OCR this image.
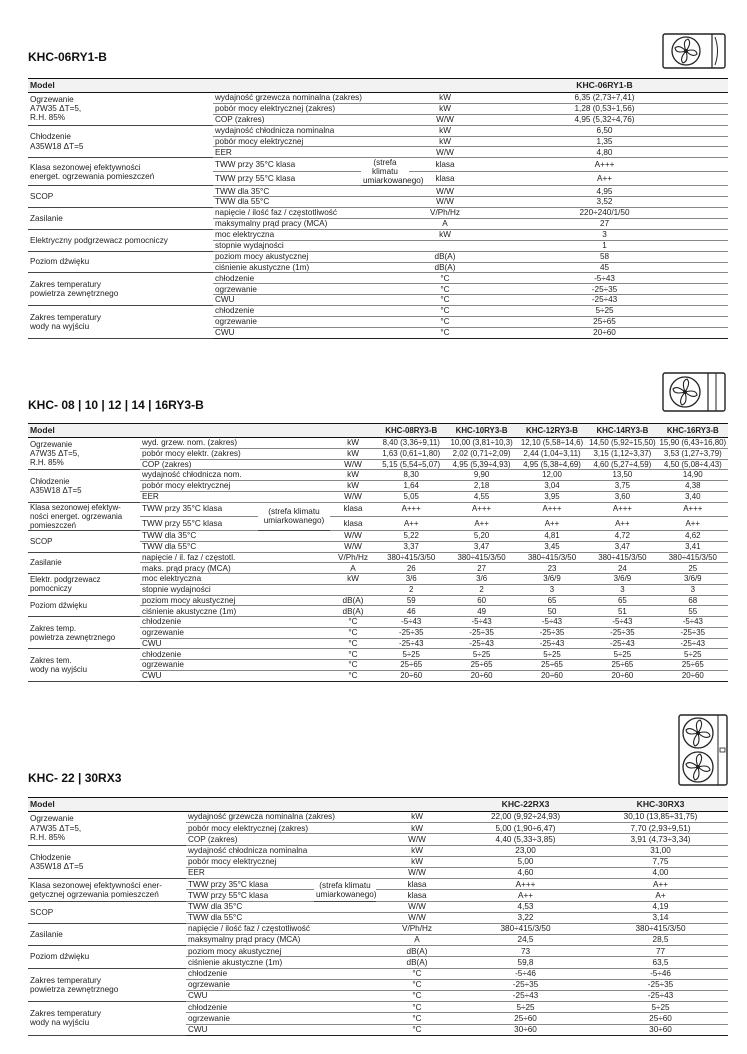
KHC-06RY1-B
Model				KHC-06RY1-B
Ogrzewanie
A7W35 ΔT=5,
R.H. 85%	wydajność grzewcza nominalna (zakres)		kW	6,35 (2,73÷7,41)
	pobór mocy elektrycznej (zakres)		kW	1,28 (0,53÷1,56)
	COP (zakres)		W/W	4,95 (5,32÷4,76)
Chłodzenie
A35W18 ΔT=5	wydajność chłodnicza nominalna		kW	6,50
	pobór mocy elektrycznej		kW	1,35
	EER		W/W	4,80
Klasa sezonowej efektywności
energet. ogrzewania pomieszczeń	TWW przy 35°C klasa	(strefa klimatu
umiarkowanego)	klasa	A+++
	TWW przy 55°C klasa		klasa	A++
SCOP	TWW dla 35°C		W/W	4,95
	TWW dla 55°C		W/W	3,52
Zasilanie	napięcie / ilość faz / częstotliwość		V/Ph/Hz	220÷240/1/50
	maksymalny prąd pracy (MCA)		A	27
Elektryczny podgrzewacz pomocniczy	moc elektryczna		kW	3
	stopnie wydajności			1
Poziom dźwięku	poziom mocy akustycznej		dB(A)	58
	ciśnienie akustyczne (1m)		dB(A)	45
Zakres temperatury
powietrza zewnętrznego	chłodzenie		°C	-5÷43
	ogrzewanie		°C	-25÷35
	CWU		°C	-25÷43
Zakres temperatury
wody na wyjściu	chłodzenie		°C	5÷25
	ogrzewanie		°C	25÷65
	CWU		°C	20÷60
KHC- 08 | 10 | 12 | 14 | 16RY3-B
Model				KHC-08RY3-B	KHC-10RY3-B	KHC-12RY3-B	KHC-14RY3-B	KHC-16RY3-B
Ogrzewanie
A7W35 ΔT=5,
R.H. 85%	wyd. grzew. nom. (zakres)		kW	8,40 (3,36÷9,11)	10,00 (3,81÷10,3)	12,10 (5,58÷14,6)	14,50 (5,92÷15,50)	15,90 (6,43÷16,80)
	pobór mocy elektr. (zakres)		kW	1,63 (0,61÷1,80)	2,02 (0,71÷2,09)	2,44 (1,04÷3,11)	3,15 (1,12÷3,37)	3,53 (1,27÷3,79)
	COP (zakres)		W/W	5,15 (5,54÷5,07)	4,95 (5,39÷4,93)	4,95 (5,38÷4,69)	4,60 (5,27÷4,59)	4,50 (5,08÷4,43)
Chłodzenie
A35W18 ΔT=5	wydajność chłodnicza nom.		kW	8,30	9,90	12,00	13,50	14,90
	pobór mocy elektrycznej		kW	1,64	2,18	3,04	3,75	4,38
	EER		W/W	5,05	4,55	3,95	3,60	3,40
Klasa sezonowej efektyw-
ności energet. ogrzewania
pomieszczeń	TWW przy 35°C klasa	(strefa klimatu
umiarkowanego)	klasa	A+++	A+++	A+++	A+++	A+++
	TWW przy 55°C klasa		klasa	A++	A++	A++	A++	A++
SCOP	TWW dla 35°C		W/W	5,22	5,20	4,81	4,72	4,62
	TWW dla 55°C		W/W	3,37	3,47	3,45	3,47	3,41
Zasilanie	napięcie / il. faz / częstotl.		V/Ph/Hz	380÷415/3/50	380÷415/3/50	380÷415/3/50	380÷415/3/50	380÷415/3/50
	maks. prąd pracy (MCA)		A	26	27	23	24	25
Elektr. podgrzewacz
pomocniczy	moc elektryczna		kW	3/6	3/6	3/6/9	3/6/9	3/6/9
	stopnie wydajności			2	2	3	3	3
Poziom dźwięku	poziom mocy akustycznej		dB(A)	59	60	65	65	68
	ciśnienie akustyczne (1m)		dB(A)	46	49	50	51	55
Zakres temp.
powietrza zewnętrznego	chłodzenie		°C	-5÷43	-5÷43	-5÷43	-5÷43	-5÷43
	ogrzewanie		°C	-25÷35	-25÷35	-25÷35	-25÷35	-25÷35
	CWU		°C	-25÷43	-25÷43	-25÷43	-25÷43	-25÷43
Zakres tem.
wody na wyjściu	chłodzenie		°C	5÷25	5÷25	5÷25	5÷25	5÷25
	ogrzewanie		°C	25÷65	25÷65	25÷65	25÷65	25÷65
	CWU		°C	20÷60	20÷60	20÷60	20÷60	20÷60
KHC- 22 | 30RX3
Model				KHC-22RX3	KHC-30RX3
Ogrzewanie
A7W35 ΔT=5,
R.H. 85%	wydajność grzewcza nominalna (zakres)		kW	22,00 (9,92÷24,93)	30,10 (13,85÷31,75)
	pobór mocy elektrycznej (zakres)		kW	5,00 (1,90÷6,47)	7,70 (2,93÷9,51)
	COP (zakres)		W/W	4,40 (5,33÷3,85)	3,91 (4,73÷3,34)
Chłodzenie
A35W18 ΔT=5	wydajność chłodnicza nominalna		kW	23,00	31,00
	pobór mocy elektrycznej		kW	5,00	7,75
	EER		W/W	4,60	4,00
Klasa sezonowej efektywności ener-
getycznej ogrzewania pomieszczeń	TWW przy 35°C klasa	(strefa klimatu
umiarkowanego)	klasa	A+++	A++
	TWW przy 55°C klasa		klasa	A++	A+
SCOP	TWW dla 35°C		W/W	4,53	4,19
	TWW dla 55°C		W/W	3,22	3,14
Zasilanie	napięcie / ilość faz / częstotliwość		V/Ph/Hz	380÷415/3/50	380÷415/3/50
	maksymalny prąd pracy (MCA)		A	24,5	28,5
Poziom dźwięku	poziom mocy akustycznej		dB(A)	73	77
	ciśnienie akustyczne (1m)		dB(A)	59,8	63,5
Zakres temperatury
powietrza zewnętrznego	chłodzenie		°C	-5÷46	-5÷46
	ogrzewanie		°C	-25÷35	-25÷35
	CWU		°C	-25÷43	-25÷43
Zakres temperatury
wody na wyjściu	chłodzenie		°C	5÷25	5÷25
	ogrzewanie		°C	25÷60	25÷60
	CWU		°C	30÷60	30÷60
